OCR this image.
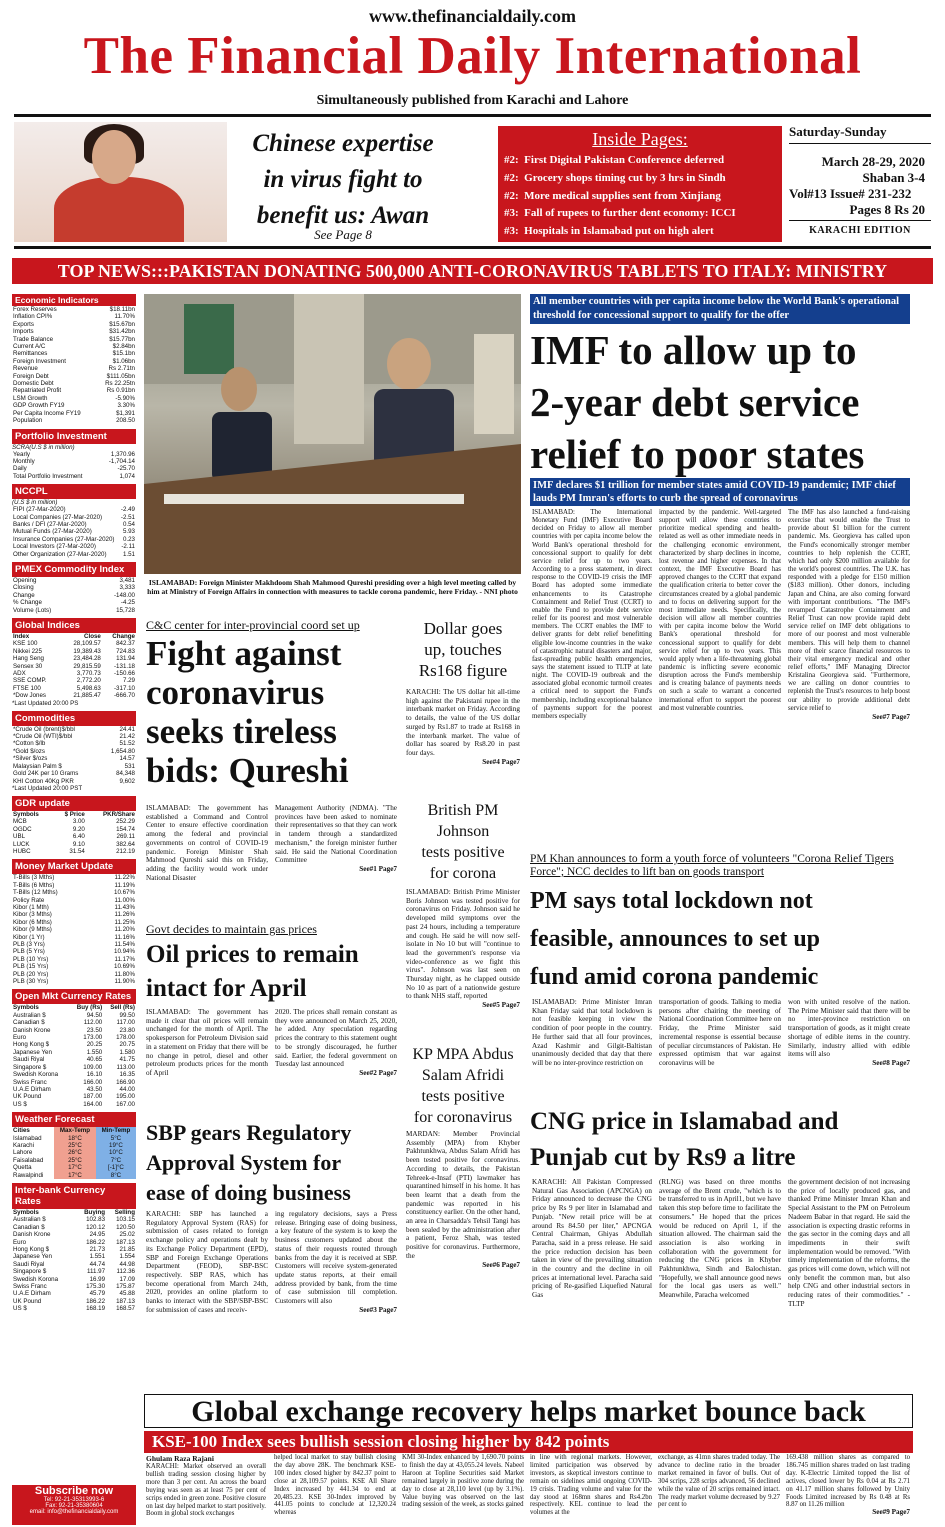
www.thefinancialdaily.com
The Financial Daily International
Simultaneously published from Karachi and Lahore
Chinese expertise
in virus fight to
benefit us: Awan
See Page 8
Inside Pages:
#2: First Digital Pakistan Conference deferred
#2: Grocery shops timing cut by 3 hrs in Sindh
#2: More medical supplies sent from Xinjiang
#3: Fall of rupees to further dent economy: ICCI
#3: Hospitals in Islamabad put on high alert
Saturday-Sunday
March 28-29, 2020
Shaban 3-4
Vol#13 Issue# 231-232
Pages 8 Rs 20
KARACHI EDITION
TOP NEWS:::PAKISTAN DONATING 500,000 ANTI-CORONAVIRUS TABLETS TO ITALY: MINISTRY
Economic Indicators
Forex Reserves	$18.11bn
Inflation CPI%	11.70%
Exports	$15.67bn
Imports	$31.42bn
Trade Balance	$15.77bn
Current A/C	$2.84bn
Remittances	$15.1bn
Foreign Investment	$1.06bn
Revenue	Rs 2.71tn
Foreign Debt	$111.05bn
Domestic Debt	Rs 22.25tn
Repatriated Profit	Rs 0.91bn
LSM Growth	-5.90%
GDP Growth FY19	3.30%
Per Capita Income FY19	$1,391
Population	208.50
Portfolio Investment
SCRA(U.S $ in million)
Yearly	1,370.96
Monthly	-1,704.14
Daily	-25.70
Total Portfolio Investment	1,074
NCCPL
(U.S $ in million)
FIPI (27-Mar-2020)	-2.49
Local Companies (27-Mar-2020)	-2.51
Banks / DFI (27-Mar-2020)	0.54
Mutual Funds (27-Mar-2020)	5.93
Insurance Companies (27-Mar-2020)	0.23
Local Investors (27-Mar-2020)	-2.11
Other Organization (27-Mar-2020)	1.51
PMEX Commodity Index
Opening	3,481
Closing	3,333
Change	-148.00
% Change	-4.25
Volume (Lots)	15,728
Global Indices
Index	Close	Change
KSE 100	28,109.57	842.37
Nikkei 225	19,389.43	724.83
Hang Seng	23,484.28	131.94
Sensex 30	29,815.59	-131.18
ADX	3,770.73	-150.66
SSE COMP.	2,772.20	7.29
FTSE 100	5,498.63	-317.10
*Dow Jones	21,885.47	-666.70
*Last Updated 20:00 PS
Commodities
*Crude Oil (brent)$/bbl	24.41
*Crude Oil (WTI)$/bbl	21.42
*Cotton $/lb	51.52
*Gold $/ozs	1,654.80
*Silver $/ozs	14.57
Malaysian Palm $	531
Gold 24K per 10 Grams	84,348
KHI Cotton 40Kg PKR	9,602
*Last Updated 20:00 PST
GDR update
Symbols	$ Price	PKR/Share
MCB	3.00	252.29
OGDC	9.20	154.74
UBL	6.40	269.11
LUCK	9.10	382.64
HUBC	31.54	212.19
Money Market Update
T-Bills (3 Mths)	11.22%
T-Bills (6 Mths)	11.19%
T-Bills (12 Mths)	10.67%
Policy Rate	11.00%
Kibor (1 Mth)	11.43%
Kibor (3 Mths)	11.26%
Kibor (6 Mths)	11.25%
Kibor (9 Mths)	11.20%
Kibor (1 Yr)	11.16%
PLB (3 Yrs)	11.54%
PLB (5 Yrs)	10.94%
PLB (10 Yrs)	11.17%
PLB (15 Yrs)	10.69%
PLB (20 Yrs)	11.80%
PLB (30 Yrs)	11.90%
Open Mkt Currency Rates
Symbols	Buy (Rs)	Sell (Rs)
Australian $	94.50	99.50
Canadian $	112.00	117.00
Danish Krone	23.50	23.80
Euro	173.00	178.00
Hong Kong $	20.25	20.75
Japanese Yen	1.550	1.580
Saudi Riyal	40.65	41.75
Singapore $	109.00	113.00
Swedish Korona	16.10	16.35
Swiss Franc	166.00	166.90
U.A.E Dirham	43.50	44.00
UK Pound	187.00	195.00
US $	164.00	167.00
Weather Forecast
Cities	Max-Temp	Min-Temp
Islamabad	18°C	5°C
Karachi	25°C	19°C
Lahore	26°C	10°C
Faisalabad	25°C	7°C
Quetta	17°C	[-1]°C
Rawalpindi	17°C	8°C
Inter-bank Currency Rates
Symbols	Buying	Selling
Australian $	102.83	103.15
Canadian $	120.12	120.50
Danish Krone	24.95	25.02
Euro	186.22	187.13
Hong Kong $	21.73	21.85
Japanese Yen	1.551	1.554
Saudi Riyal	44.74	44.98
Singapore $	111.97	112.36
Swedish Korona	16.99	17.09
Swiss Franc	175.30	175.87
U.A.E Dirham	45.79	45.88
UK Pound	186.22	187.13
US $	168.19	168.57
Subscribe now
Tel: 92-21-35313993-6
Fax: 92-21-35380604
email: info@thefinancialdaily.com
ISLAMABAD: Foreign Minister Makhdoom Shah Mahmood Qureshi presiding over a high level meeting called by him at Ministry of Foreign Affairs in connection with measures to tackle corona pandemic, here Friday. - NNI photo
C&C center for inter-provincial coord set up
Fight against
coronavirus
seeks tireless
bids: Qureshi
ISLAMABAD: The government has established a Command and Control Center to ensure effective coordination among the federal and provincial governments on control of COVID-19 pandemic. Foreign Minister Shah Mahmood Qureshi said this on Friday, adding the facility would work under National Disaster
Management Authority (NDMA). "The provinces have been asked to nominate their representatives so that they can work in tandem through a standardized mechanism," the foreign minister further said. He said the National Coordination Committee
See#1 Page7
Govt decides to maintain gas prices
Oil prices to remain
intact for April
ISLAMABAD: The government has made it clear that oil prices will remain unchanged for the month of April. The spokesperson for Petroleum Division said in a statement on Friday that there will be no change in petrol, diesel and other petroleum products prices for the month of April
2020. The prices shall remain constant as they were announced on March 25, 2020, he added. Any speculation regarding prices the contrary to this statement ought to be strongly discouraged, he further said. Earlier, the federal government on Tuesday last announced
See#2 Page7
SBP gears Regulatory
Approval System for
ease of doing business
KARACHI: SBP has launched a Regulatory Approval System (RAS) for submission of cases related to foreign exchange policy and operations dealt by its Exchange Policy Department (EPD), SBP and Foreign Exchange Operations Department (FEOD), SBP-BSC respectively. SBP RAS, which has become operational from March 24th, 2020, provides an online platform to banks to interact with the SBP/SBP-BSC for submission of cases and receiv-
ing regulatory decisions, says a Press release. Bringing ease of doing business, a key feature of the system is to keep the business customers updated about the status of their requests routed through banks from the day it is received at SBP. Customers will receive system-generated update status reports, at their email address provided by bank, from the time of case submission till completion. Customers will also
See#3 Page7
Dollar goes
up, touches
Rs168 figure
KARACHI: The US dollar hit all-time high against the Pakistani rupee in the interbank market on Friday. According to details, the value of the US dollar surged by Rs1.87 to trade at Rs168 in the interbank market. The value of dollar has soared by Rs8.20 in past four days.
See#4 Page7
British PM
Johnson
tests positive
for corona
ISLAMABAD: British Prime Minister Boris Johnson was tested positive for coronavirus on Friday. Johnson said he developed mild symptoms over the past 24 hours, including a temperature and cough. He said he will now self-isolate in No 10 but will "continue to lead the government's response via video-conference as we fight this virus". Johnson was last seen on Thursday night, as he clapped outside No 10 as part of a nationwide gesture to thank NHS staff, reported
See#5 Page7
KP MPA Abdus
Salam Afridi
tests positive
for coronavirus
MARDAN: Member Provincial Assembly (MPA) from Khyber Pakhtunkhwa, Abdus Salam Afridi has been tested positive for coronavirus. According to details, the Pakistan Tehreek-e-Insaf (PTI) lawmaker has quarantined himself in his home. It has been learnt that a death from the pandemic was reported in his constituency earlier. On the other hand, an area in Charsadda's Tehsil Tangi has been sealed by the administration after a patient, Feroz Shah, was tested positive for coronavirus. Furthermore, the
See#6 Page7
All member countries with per capita income below the World Bank's operational threshold for concessional support to qualify for the offer
IMF to allow up to
2-year debt service
relief to poor states
IMF declares $1 trillion for member states amid COVID-19 pandemic; IMF chief lauds PM Imran's efforts to curb the spread of coronavirus
ISLAMABAD: The International Monetary Fund (IMF) Executive Board decided on Friday to allow all member countries with per capita income below the World Bank's operational threshold for concessional support to qualify for debt service relief for up to two years. According to a press statement, in direct response to the COVID-19 crisis the IMF Board has adopted some immediate enhancements to its Catastrophe Containment and Relief Trust (CCRT) to enable the Fund to provide debt service relief for its poorest and most vulnerable members. The CCRT enables the IMF to deliver grants for debt relief benefitting eligible low-income countries in the wake of catastrophic natural disasters and major, fast-spreading public health emergencies, says the statement issued to TLTP at late night. The COVID-19 outbreak and the associated global economic turmoil creates a critical need to support the Fund's membership, including exceptional balance of payments support for the poorest members especially
impacted by the pandemic. Well-targeted support will allow these countries to prioritize medical spending and health-related as well as other immediate needs in the challenging economic environment, characterized by sharp declines in income, lost revenue and higher expenses. In that context, the IMF Executive Board has approved changes to the CCRT that expand the qualification criteria to better cover the circumstances created by a global pandemic and to focus on delivering support for the most immediate needs. Specifically, the decision will allow all member countries with per capita income below the World Bank's operational threshold for concessional support to qualify for debt service relief for up to two years. This would apply when a life-threatening global pandemic is inflicting severe economic disruption across the Fund's membership and is creating balance of payments needs on such a scale to warrant a concerted international effort to support the poorest and most vulnerable countries.
The IMF has also launched a fund-raising exercise that would enable the Trust to provide about $1 billion for the current pandemic. Ms. Georgieva has called upon the Fund's economically stronger member countries to help replenish the CCRT, which had only $200 million available for the world's poorest countries. The U.K. has responded with a pledge for £150 million ($183 million). Other donors, including Japan and China, are also coming forward with important contributions. "The IMF's revamped Catastrophe Containment and Relief Trust can now provide rapid debt service relief on IMF debt obligations to more of our poorest and most vulnerable members. This will help them to channel more of their scarce financial resources to their vital emergency medical and other relief efforts," IMF Managing Director Kristalina Georgieva said. "Furthermore, we are calling on donor countries to replenish the Trust's resources to help boost our ability to provide additional debt service relief to
See#7 Page7
PM Khan announces to form a youth force of volunteers "Corona Relief Tigers Force"; NCC decides to lift ban on goods transport
PM says total lockdown not
feasible, announces to set up
fund amid corona pandemic
ISLAMABAD: Prime Minister Imran Khan Friday said that total lockdown is not feasible keeping in view the condition of poor people in the country. He further said that all four provinces, Azad Kashmir and Gilgit-Baltistan unanimously decided that day that there will be no inter-province restriction on
transportation of goods. Talking to media persons after chairing the meeting of National Coordination Committee here on Friday, the Prime Minister said incremental response is essential because of peculiar circumstances of Pakistan. He expressed optimism that war against coronavirus will be
won with united resolve of the nation. The Prime Minister said that there will be no inter-province restriction on transportation of goods, as it might create shortage of edible items in the country. Similarly, industry allied with edible items will also
See#8 Page7
CNG price in Islamabad and
Punjab cut by Rs9 a litre
KARACHI: All Pakistan Compressed Natural Gas Association (APCNGA) on Friday announced to decrease the CNG price by Rs 9 per liter in Islamabad and Punjab. "New retail price will be at around Rs 84.50 per liter," APCNGA Central Chairman, Ghiyas Abdullah Paracha, said in a press release. He said the price reduction decision has been taken in view of the prevailing situation in the country and the decline in oil prices at international level. Paracha said pricing of Re-gasified Liquefied Natural Gas
(RLNG) was based on three months average of the Brent crude, "which is to be transferred to us in April1, but we have taken this step before time to facilitate the consumers." He hoped that the prices would be reduced on April 1, if the situation allowed. The chairman said the association is also working in collaboration with the government for reducing the CNG prices in Khyber Pakhtunkhwa, Sindh and Balochistan. "Hopefully, we shall announce good news for the local gas users as well." Meanwhile, Paracha welcomed
the government decision of not increasing the price of locally produced gas, and thanked Prime Minister Imran Khan and Special Assistant to the PM on Petroleum Nadeem Babar in that regard. He said the association is expecting drastic reforms in the gas sector in the coming days and all impediments in their swift implementation would be removed. "With timely implementation of the reforms, the gas prices will come down, which will not only benefit the common man, but also help CNG and other industrial sectors in reducing rates of their commodities." - TLTP
Global exchange recovery helps market bounce back
KSE-100 Index sees bullish session closing higher by 842 points
Ghulam Raza Rajani
KARACHI: Market observed an overall bullish trading session closing higher by more than 3 per cent. An across the board buying was seen as at least 75 per cent of scrips ended in green zone. Positive closure on last day helped market to start positively. Boom in global stock exchanges
helped local market to stay bullish closing the day above 28K. The benchmark KSE-100 index closed higher by 842.37 point to close at 28,109.57 points. KSE All Share Index increased by 441.34 to end at 20,485.23. KSE 30-Index improved by 441.05 points to conclude at 12,320.24 whereas
KMI 30-Index enhanced by 1,690.70 points to finish the day at 43,055.24 levels. Nabeel Haroon at Topline Securities said Market remained largely in positive zone during the day to close at 28,110 level (up by 3.1%). Value buying was observed on the last trading session of the week, as stocks gained
in line with regional markets. However, limited participation was observed by investors, as skeptical investors continue to remain on sidelines amid ongoing COVID-19 crisis. Trading volume and value for the day stood at 168mn shares and Rs4.2bn respectively. KEL continue to lead the volumes at the
exchange, as 41mn shares traded today. The advance to decline ratio in the broader market remained in favor of bulls. Out of 304 scrips, 228 scrips advanced, 56 declined while the value of 20 scrips remained intact. The ready market volume decreased by 9.27 per cent to
169.438 million shares as compared to 186.745 million shares traded on last trading day. K-Electric Limited topped the list of actives, closed lower by Rs 0.04 at Rs 2.71 on 41.17 million shares followed by Unity Foods Limited increased by Rs 0.48 at Rs 8.87 on 11.26 million
See#9 Page7
